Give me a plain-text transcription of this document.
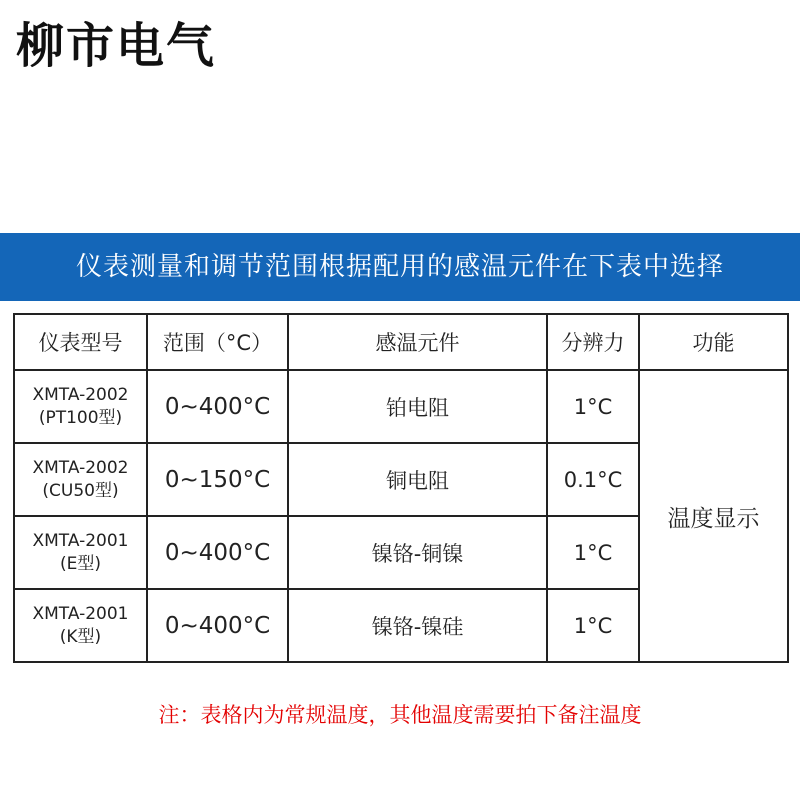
柳市电气
仪表测量和调节范围根据配用的感温元件在下表中选择
仪表型号	范围（°C）	感温元件	分辨力	功能

XMTA-2002
(PT100型)	0~400°C	铂电阻	1°C	温度显示

XMTA-2002
(CU50型)	0~150°C	铜电阻	0.1°C	

XMTA-2001
(E型)	0~400°C	镍铬-铜镍	1°C	

XMTA-2001
(K型)	0~400°C	镍铬-镍硅	1°C	
注：表格内为常规温度，其他温度需要拍下备注温度
